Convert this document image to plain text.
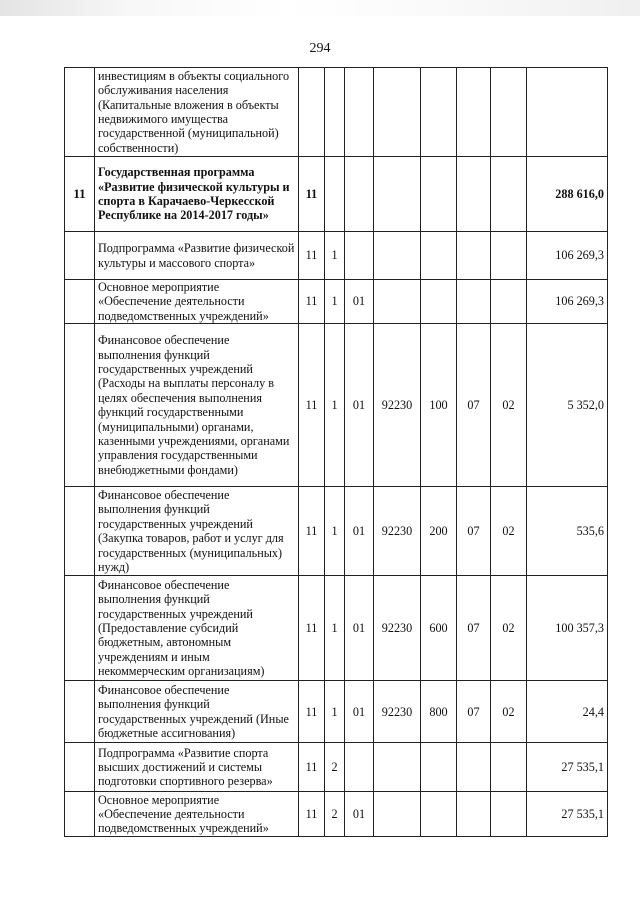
294
	инвестициям в объекты социального обслуживания населения (Капитальные вложения в объекты недвижимого имущества государственной (муниципальной) собственности)								
11	Государственная программа «Развитие физической культуры и спорта в Карачаево-Черкесской Республике на 2014-2017 годы»	11							288 616,0
	Подпрограмма «Развитие физической культуры и массового спорта»	11	1						106 269,3
	Основное мероприятие «Обеспечение деятельности подведомственных учреждений»	11	1	01					106 269,3
	Финансовое обеспечение выполнения функций государственных учреждений (Расходы на выплаты персоналу в целях обеспечения выполнения функций государственными (муниципальными) органами, казенными учреждениями, органами управления государственными внебюджетными фондами)	11	1	01	92230	100	07	02	5 352,0
	Финансовое обеспечение выполнения функций государственных учреждений (Закупка товаров, работ и услуг для государственных (муниципальных) нужд)	11	1	01	92230	200	07	02	535,6
	Финансовое обеспечение выполнения функций государственных учреждений (Предоставление субсидий бюджетным, автономным учреждениям и иным некоммерческим организациям)	11	1	01	92230	600	07	02	100 357,3
	Финансовое обеспечение выполнения функций государственных учреждений (Иные бюджетные ассигнования)	11	1	01	92230	800	07	02	24,4
	Подпрограмма «Развитие спорта высших достижений и системы подготовки спортивного резерва»	11	2						27 535,1
	Основное мероприятие «Обеспечение деятельности подведомственных учреждений»	11	2	01					27 535,1
